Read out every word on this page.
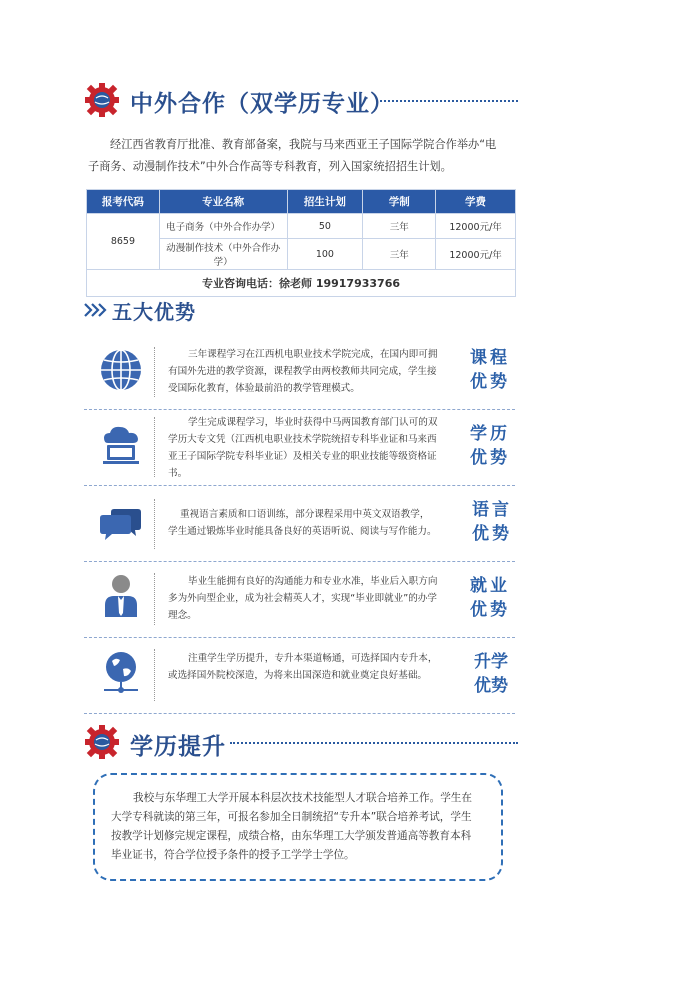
中外合作（双学历专业）
经江西省教育厅批准、教育部备案，我院与马来西亚王子国际学院合作举办“电
子商务、动漫制作技术”中外合作高等专科教育，列入国家统招招生计划。
报考代码	专业名称	招生计划	学制	学费
8659	电子商务（中外合作办学）	50	三年	12000元/年
	动漫制作技术（中外合作办学）	100	三年	12000元/年
专业咨询电话：徐老师 19917933766				
五大优势
三年课程学习在江西机电职业技术学院完成，在国内即可拥
有国外先进的教学资源，课程教学由两校教师共同完成，学生接
受国际化教育，体验最前沿的教学管理模式。
课程
优势
学生完成课程学习，毕业时获得中马两国教育部门认可的双
学历大专文凭（江西机电职业技术学院统招专科毕业证和马来西
亚王子国际学院专科毕业证）及相关专业的职业技能等级资格证
书。
学历
优势
重视语言素质和口语训练，部分课程采用中英文双语教学，
学生通过锻炼毕业时能具备良好的英语听说、阅读与写作能力。
语言
优势
毕业生能拥有良好的沟通能力和专业水准，毕业后入职方向
多为外向型企业，成为社会精英人才，实现“毕业即就业”的办学
理念。
就业
优势
注重学生学历提升，专升本渠道畅通，可选择国内专升本，
或选择国外院校深造，为将来出国深造和就业奠定良好基础。
升学
优势
学历提升
我校与东华理工大学开展本科层次技术技能型人才联合培养工作。学生在
大学专科就读的第三年，可报名参加全日制统招“专升本”联合培养考试，学生
按教学计划修完规定课程，成绩合格，由东华理工大学颁发普通高等教育本科
毕业证书，符合学位授予条件的授予工学学士学位。
